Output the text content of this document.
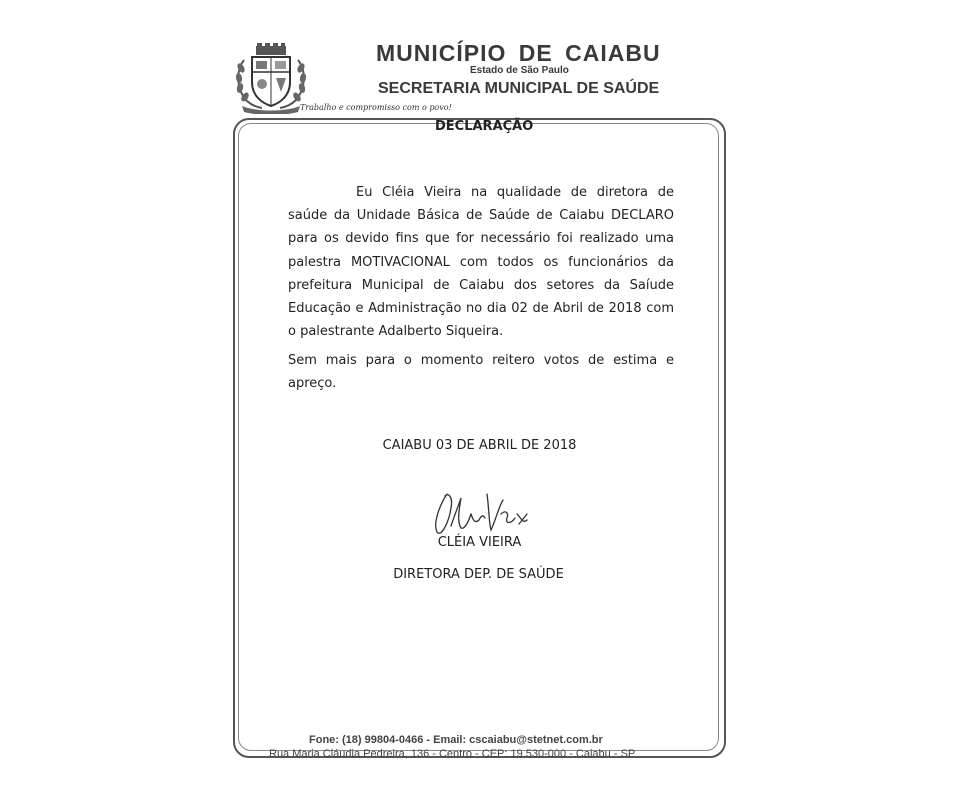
Trabalho e compromisso com o povo!
MUNICÍPIO DE CAIABU
Estado de São Paulo
SECRETARIA MUNICIPAL DE SAÚDE
DECLARAÇÃO

Eu Cléia Vieira na qualidade de diretora de saúde da Unidade Básica de Saúde de Caiabu DECLARO para os devido fins que for necessário foi realizado uma palestra MOTIVACIONAL com todos os funcionários da prefeitura Municipal de Caiabu dos setores da Saíude Educação e Administração no dia 02 de Abril de 2018 com o palestrante Adalberto Siqueira.

Sem mais para o momento reitero votos de estima e apreço.

CAIABU 03 DE ABRIL DE 2018
CLÉIA VIEIRA
DIRETORA DEP. DE SAÚDE
Fone: (18) 99804-0466 - Email: cscaiabu@stetnet.com.br
Rua Maria Cláudia Pedreira, 136 - Centro - CEP: 19.530-000 - Caiabu - SP
